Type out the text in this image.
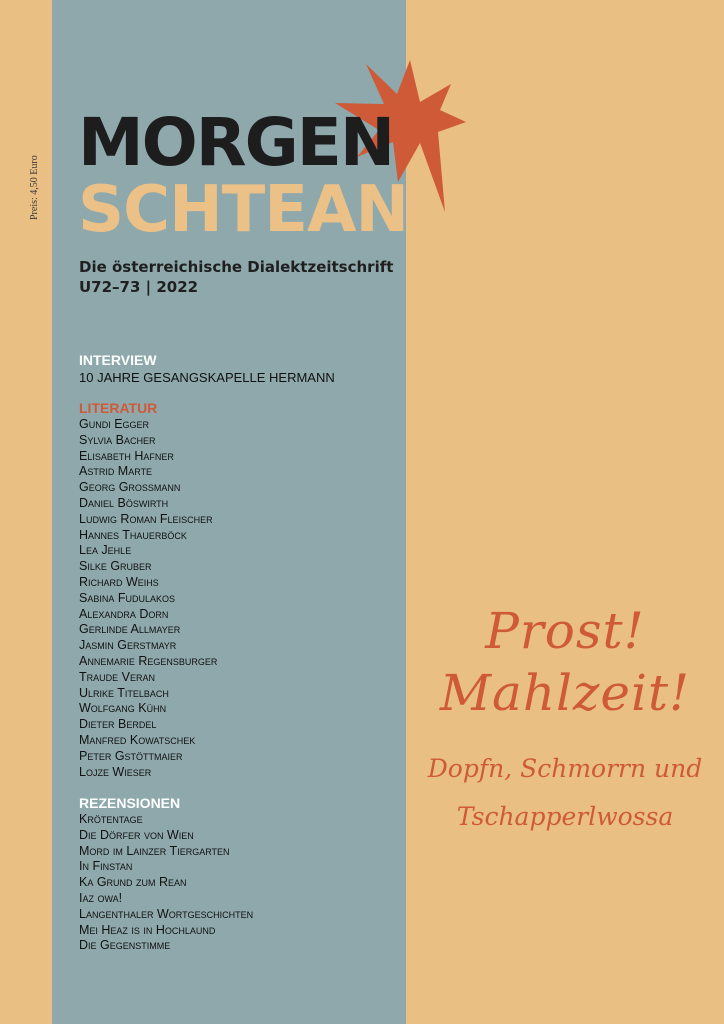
Preis: 4,50 Euro
MORGEN
SCHTEAN
Die österreichische Dialektzeitschrift
U72–73 | 2022
INTERVIEW
10 JAHRE GESANGSKAPELLE HERMANN
LITERATUR
Gundi Egger
Sylvia Bacher
Elisabeth Hafner
Astrid Marte
Georg Grossmann
Daniel Böswirth
Ludwig Roman Fleischer
Hannes Thauerböck
Lea Jehle
Silke Gruber
Richard Weihs
Sabina Fudulakos
Alexandra Dorn
Gerlinde Allmayer
Jasmin Gerstmayr
Annemarie Regensburger
Traude Veran
Ulrike Titelbach
Wolfgang Kühn
Dieter Berdel
Manfred Kowatschek
Peter Gstöttmaier
Lojze Wieser
REZENSIONEN
Krötentage
Die Dörfer von Wien
Mord im Lainzer Tiergarten
In Finstan
Ka Grund zum Rean
Iaz owa!
Langenthaler Wortgeschichten
Mei Heaz is in Hochlaund
Die Gegenstimme
Prost!
Mahlzeit!
Dopfn, Schmorrn und
Tschapperlwossa
